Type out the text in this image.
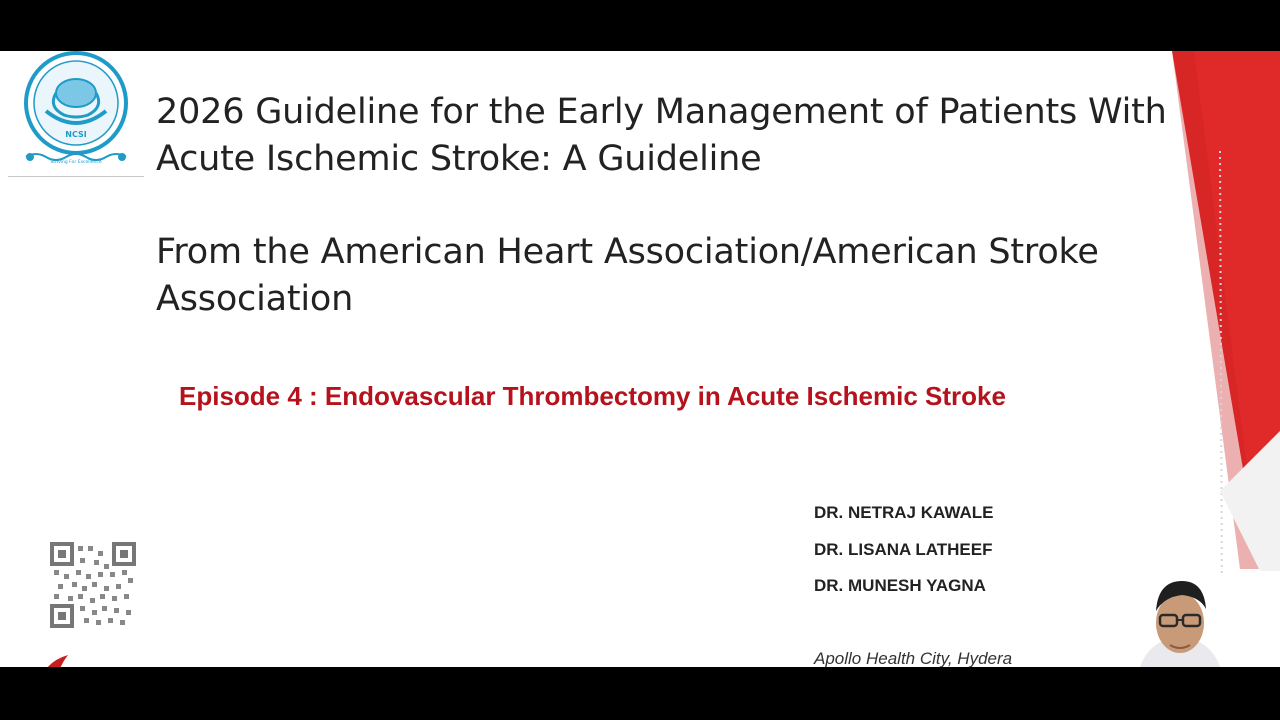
NCSI
Striving For Excellence
2026 Guideline for the Early Management of Patients With
Acute Ischemic Stroke: A Guideline
From the American Heart Association/American Stroke
Association
Episode 4 : Endovascular Thrombectomy in Acute Ischemic Stroke
DR. NETRAJ KAWALE
DR. LISANA LATHEEF
DR. MUNESH YAGNA
Apollo Health City, Hydera
